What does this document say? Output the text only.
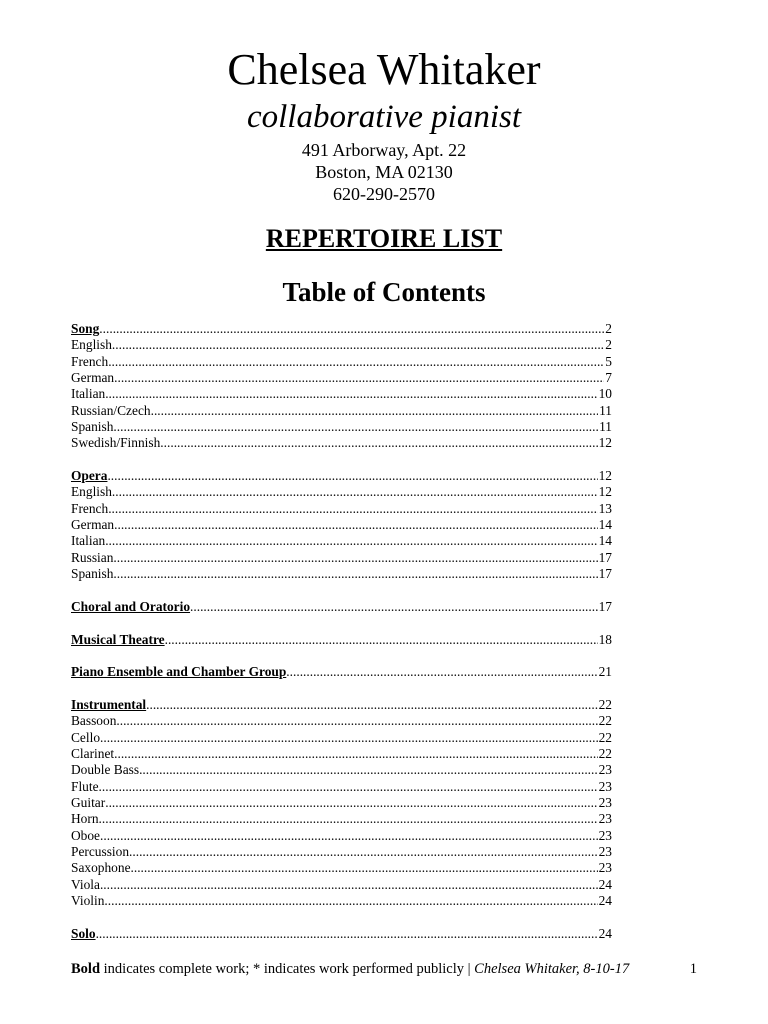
Chelsea Whitaker
collaborative pianist
491 Arborway, Apt. 22
Boston, MA 02130
620-290-2570
REPERTOIRE LIST
Table of Contents
Song .....	2
English .....	2
French .....	5
German .....	7
Italian .....	10
Russian/Czech .....	11
Spanish .....	11
Swedish/Finnish .....	12
Opera .....	12
English .....	12
French .....	13
German .....	14
Italian .....	14
Russian .....	17
Spanish .....	17
Choral and Oratorio .....	17
Musical Theatre .....	18
Piano Ensemble and Chamber Group .....	21
Instrumental .....	22
Bassoon .....	22
Cello .....	22
Clarinet .....	22
Double Bass .....	23
Flute .....	23
Guitar .....	23
Horn .....	23
Oboe .....	23
Percussion .....	23
Saxophone .....	23
Viola .....	24
Violin .....	24
Solo .....	24
Bold indicates complete work; * indicates work performed publicly | Chelsea Whitaker, 8-10-17	1
